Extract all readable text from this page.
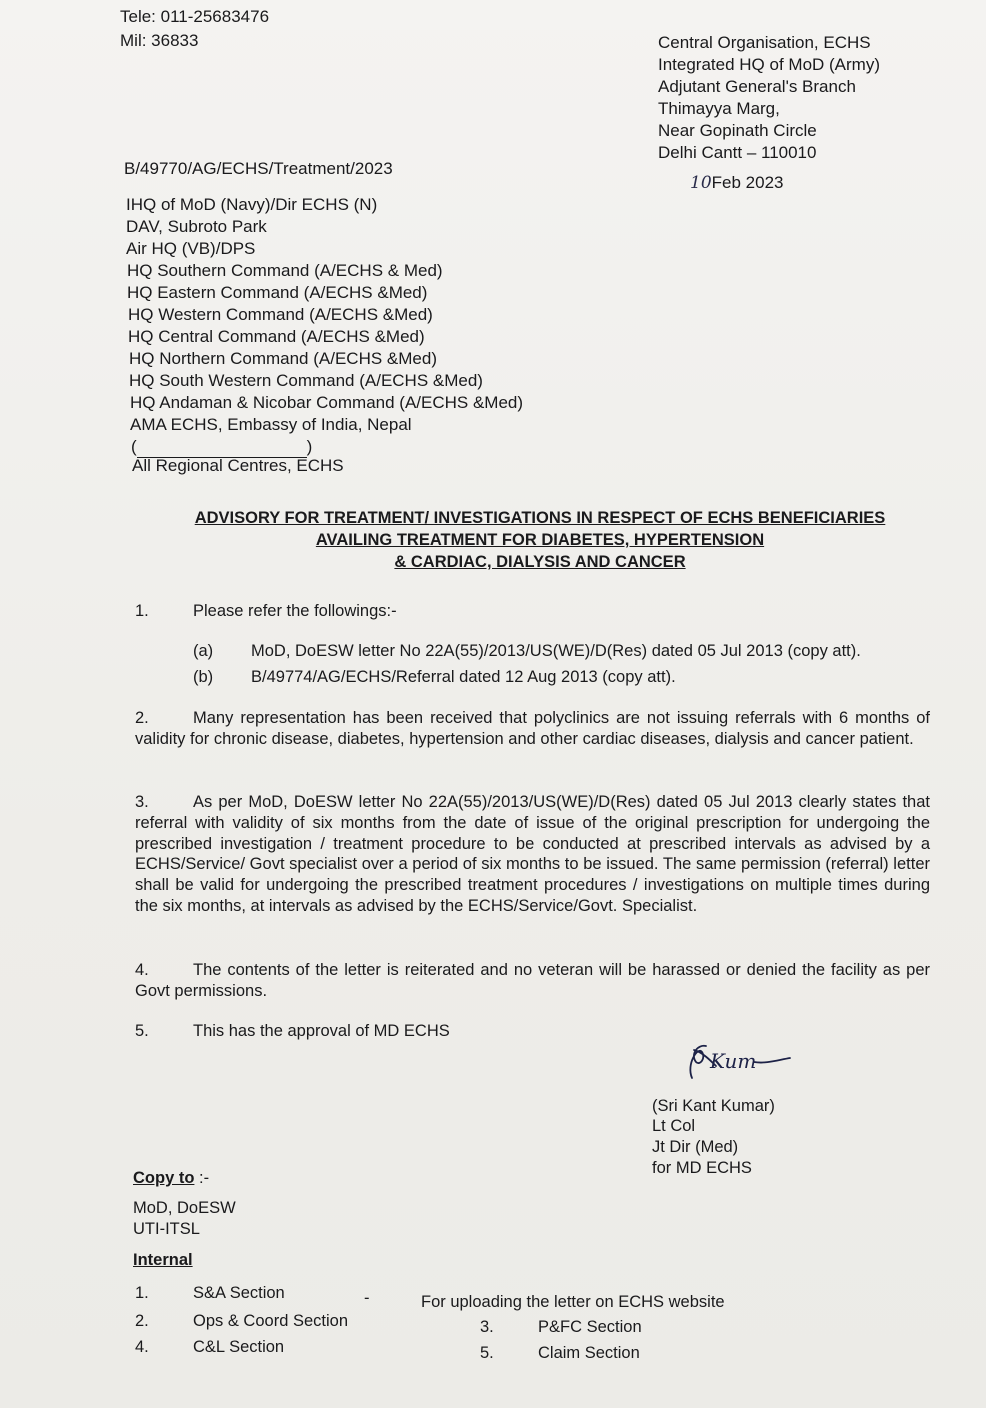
Tele: 011-25683476
Mil: 36833	Central Organisation, ECHS
Integrated HQ of MoD (Army)
Adjutant General's Branch
Thimayya Marg,
Near Gopinath Circle
Delhi Cantt – 110010
B/49770/AG/ECHS/Treatment/2023
10Feb 2023
IHQ of MoD (Navy)/Dir ECHS (N)
DAV, Subroto Park
Air HQ (VB)/DPS
HQ Southern Command (A/ECHS & Med)
HQ Eastern Command (A/ECHS &Med)
HQ Western Command (A/ECHS &Med)
HQ Central Command (A/ECHS &Med)
HQ Northern Command (A/ECHS &Med)
HQ South Western Command (A/ECHS &Med)
HQ Andaman & Nicobar Command (A/ECHS &Med)
AMA ECHS, Embassy of India, Nepal
(	)
All Regional Centres, ECHS
ADVISORY FOR TREATMENT/ INVESTIGATIONS IN RESPECT OF ECHS BENEFICIARIES
AVAILING TREATMENT FOR DIABETES, HYPERTENSION
& CARDIAC, DIALYSIS AND CANCER
1.	Please refer the followings:-
(a) MoD, DoESW letter No 22A(55)/2013/US(WE)/D(Res) dated 05 Jul 2013 (copy att).
(b) B/49774/AG/ECHS/Referral dated 12 Aug 2013 (copy att).
2.	Many representation has been received that polyclinics are not issuing referrals with 6 months of validity for chronic disease, diabetes, hypertension and other cardiac diseases, dialysis and cancer patient.
3.	As per MoD, DoESW letter No 22A(55)/2013/US(WE)/D(Res) dated 05 Jul 2013 clearly states that referral with validity of six months from the date of issue of the original prescription for undergoing the prescribed investigation / treatment procedure to be conducted at prescribed intervals as advised by a ECHS/Service/ Govt specialist over a period of six months to be issued. The same permission (referral) letter shall be valid for undergoing the prescribed treatment procedures / investigations on multiple times during the six months, at intervals as advised by the ECHS/Service/Govt. Specialist.
4.	The contents of the letter is reiterated and no veteran will be harassed or denied the facility as per Govt permissions.
5.	This has the approval of MD ECHS
Kum
(Sri Kant Kumar)
Lt Col
Jt Dir (Med)
for MD ECHS
Copy to :-
MoD, DoESW
UTI-ITSL
Internal
1.	S&A Section	-
2.	Ops & Coord Section
4.	C&L Section
For uploading the letter on ECHS website
3.	P&FC Section
5.	Claim Section
